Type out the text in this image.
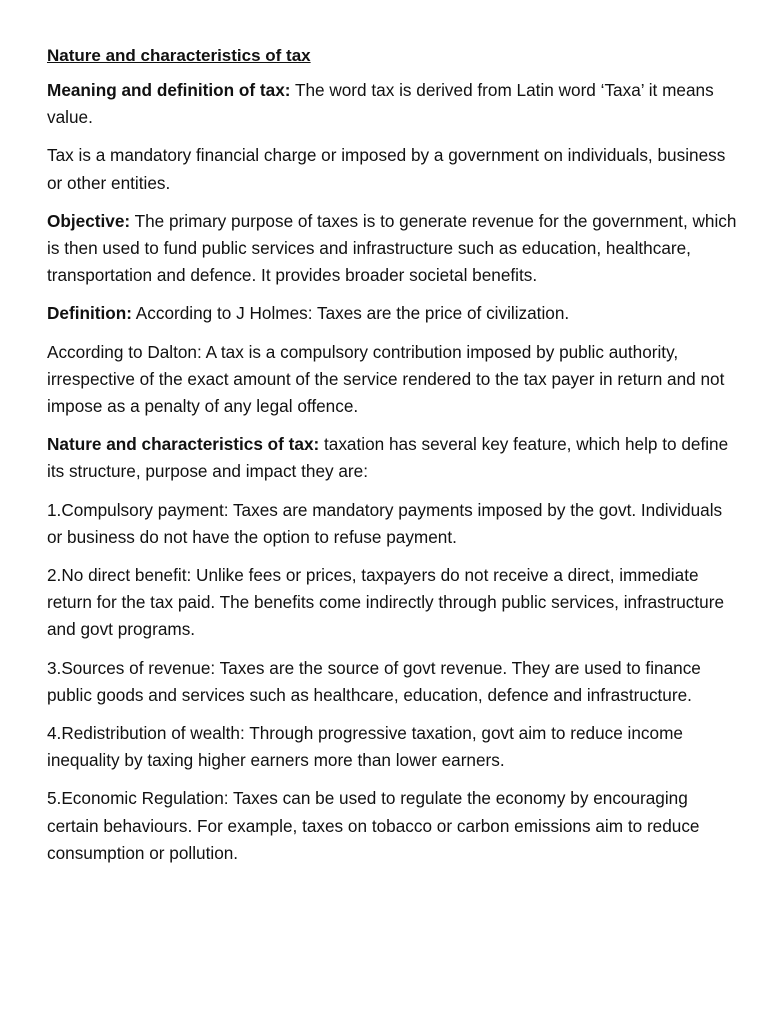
Nature and characteristics of tax

Meaning and definition of tax: The word tax is derived from Latin word ‘Taxa’ it means value.

Tax is a mandatory financial charge or imposed by a government on individuals, business or other entities.

Objective: The primary purpose of taxes is to generate revenue for the government, which is then used to fund public services and infrastructure such as education, healthcare, transportation and defence. It provides broader societal benefits.

Definition: According to J Holmes: Taxes are the price of civilization.

According to Dalton: A tax is a compulsory contribution imposed by public authority, irrespective of the exact amount of the service rendered to the tax payer in return and not impose as a penalty of any legal offence.

Nature and characteristics of tax: taxation has several key feature, which help to define its structure, purpose and impact they are:

1.Compulsory payment: Taxes are mandatory payments imposed by the govt. Individuals or business do not have the option to refuse payment.

2.No direct benefit: Unlike fees or prices, taxpayers do not receive a direct, immediate return for the tax paid. The benefits come indirectly through public services, infrastructure and govt programs.

3.Sources of revenue: Taxes are the source of govt revenue. They are used to finance public goods and services such as healthcare, education, defence and infrastructure.

4.Redistribution of wealth: Through progressive taxation, govt aim to reduce income inequality by taxing higher earners more than lower earners.

5.Economic Regulation: Taxes can be used to regulate the economy by encouraging certain behaviours. For example, taxes on tobacco or carbon emissions aim to reduce consumption or pollution.
